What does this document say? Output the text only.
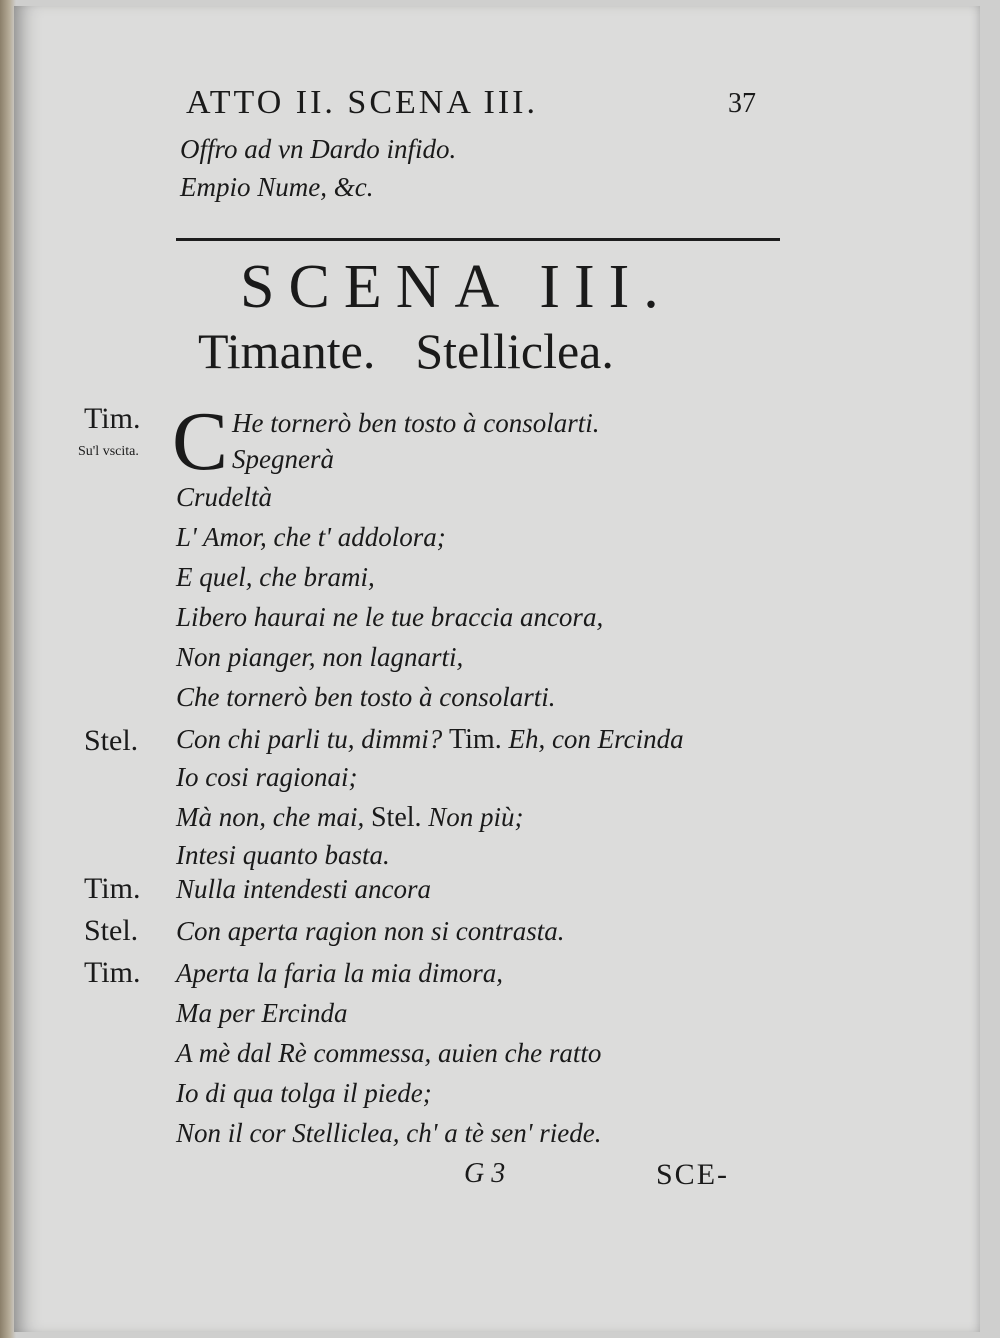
ATTO II. SCENA III.	37
Offro ad vn Dardo infido.
Empio Nume, &c.
SCENA III.
Timante. Stelliclea.
Tim.
Su'l vscita.
Stel.
Tim.
Stel.
Tim.
C He tornerò ben tosto à consolarti.
Spegnerà
Crudeltà
L' Amor, che t' addolora;
E quel, che brami,
Libero haurai ne le tue braccia ancora,
Non pianger, non lagnarti,
Che tornerò ben tosto à consolarti.
Con chi parli tu, dimmi? Tim. Eh, con Ercinda
Io cosi ragionai;
Mà non, che mai, Stel. Non più;
Intesi quanto basta.
Nulla intendesti ancora
Con aperta ragion non si contrasta.
Aperta la faria la mia dimora,
Ma per Ercinda
A mè dal Rè commessa, auien che ratto
Io di qua tolga il piede;
Non il cor Stelliclea, ch' a tè sen' riede.
G 3	SCE-
